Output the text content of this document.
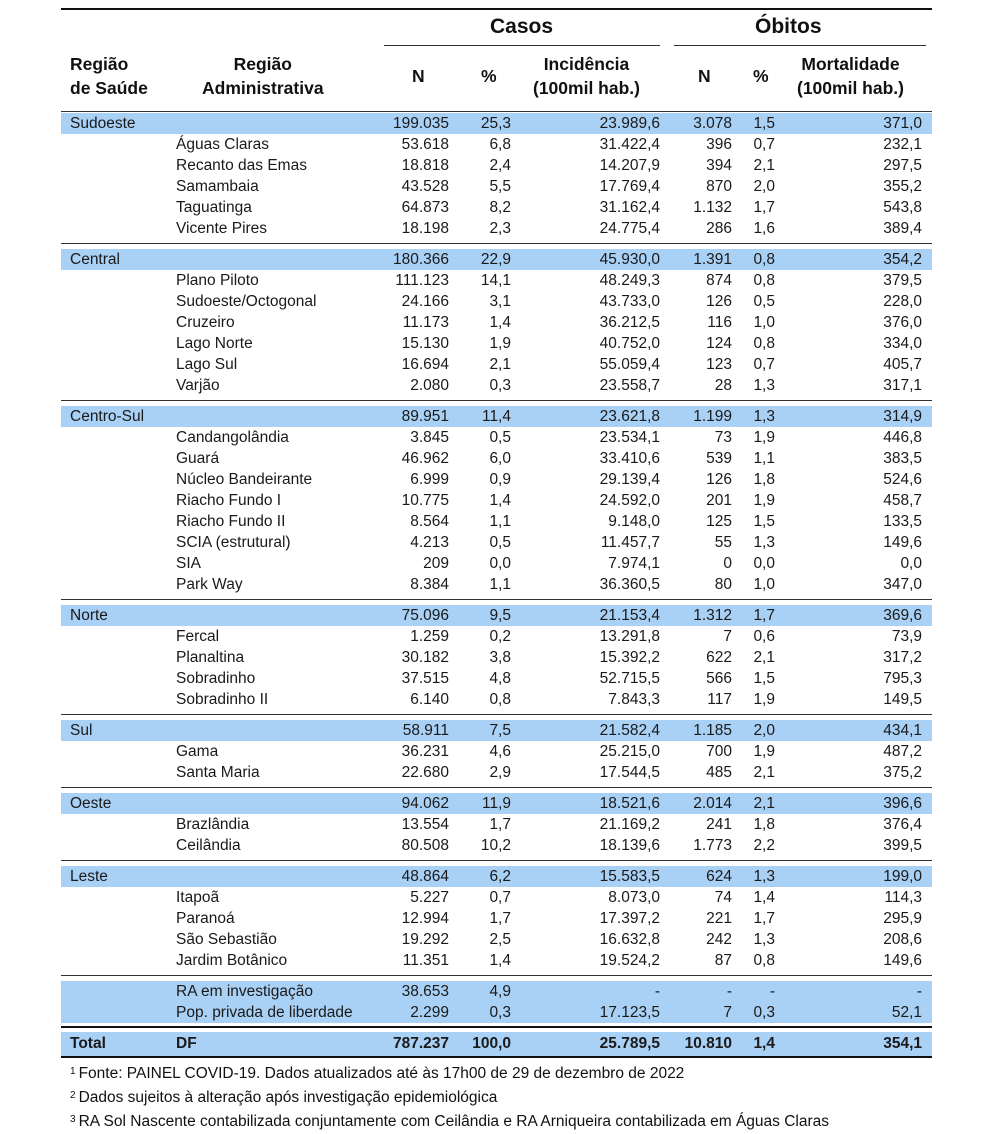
Casos	Óbitos
Região
de Saúde
Região
Administrativa
N	%
Incidência
(100mil hab.)
N %
Mortalidade
(100mil hab.)
Sudoeste	199.035 25,3	23.989,6 3.078 1,5	371,0
Águas Claras	53.618	6,8	31.422,4	396 0,7	232,1
Recanto das Emas	18.818	2,4	14.207,9	394 2,1	297,5
Samambaia	43.528	5,5	17.769,4	870 2,0	355,2
Taguatinga	64.873	8,2	31.162,4 1.132 1,7	543,8
Vicente Pires	18.198	2,3	24.775,4	286 1,6	389,4
Central	180.366 22,9	45.930,0 1.391 0,8	354,2
Plano Piloto	111.123 14,1	48.249,3	874 0,8	379,5
Sudoeste/Octogonal	24.166	3,1	43.733,0	126 0,5	228,0
Cruzeiro	11.173	1,4	36.212,5	116 1,0	376,0
Lago Norte	15.130	1,9	40.752,0	124 0,8	334,0
Lago Sul	16.694	2,1	55.059,4	123 0,7	405,7
Varjão	2.080	0,3	23.558,7	28 1,3	317,1
Centro-Sul	89.951 11,4	23.621,8 1.199 1,3	314,9
Candangolândia	3.845	0,5	23.534,1	73 1,9	446,8
Guará	46.962	6,0	33.410,6	539 1,1	383,5
Núcleo Bandeirante	6.999	0,9	29.139,4	126 1,8	524,6
Riacho Fundo I	10.775	1,4	24.592,0	201 1,9	458,7
Riacho Fundo II	8.564	1,1	9.148,0	125 1,5	133,5
SCIA (estrutural)	4.213	0,5	11.457,7	55 1,3	149,6
SIA	209	0,0	7.974,1	0 0,0	0,0
Park Way	8.384	1,1	36.360,5	80 1,0	347,0
Norte	75.096	9,5	21.153,4 1.312 1,7	369,6
Fercal	1.259	0,2	13.291,8	7 0,6	73,9
Planaltina	30.182	3,8	15.392,2	622 2,1	317,2
Sobradinho	37.515	4,8	52.715,5	566 1,5	795,3
Sobradinho II	6.140	0,8	7.843,3	117 1,9	149,5
Sul	58.911	7,5	21.582,4 1.185 2,0	434,1
Gama	36.231	4,6	25.215,0	700 1,9	487,2
Santa Maria	22.680	2,9	17.544,5	485 2,1	375,2
Oeste	94.062 11,9	18.521,6 2.014 2,1	396,6
Brazlândia	13.554	1,7	21.169,2	241 1,8	376,4
Ceilândia	80.508 10,2	18.139,6 1.773 2,2	399,5
Leste	48.864	6,2	15.583,5	624 1,3	199,0
Itapoã	5.227	0,7	8.073,0	74 1,4	114,3
Paranoá	12.994	1,7	17.397,2	221 1,7	295,9
São Sebastião	19.292	2,5	16.632,8	242 1,3	208,6
Jardim Botânico	11.351	1,4	19.524,2	87 0,8	149,6
RA em investigação	38.653	4,9	-	- -	-
Pop. privada de liberdade	2.299	0,3	17.123,5	7 0,3	52,1
Total	DF	787.237 100,0	25.789,5 10.810 1,4	354,1
$^1$ Fonte: PAINEL COVID-19. Dados atualizados até às 17h00 de 29 de dezembro de 2022
$^2$ Dados sujeitos à alteração após investigação epidemiológica
$^3$ RA Sol Nascente contabilizada conjuntamente com Ceilândia e RA Arniqueira contabilizada em Águas Claras
